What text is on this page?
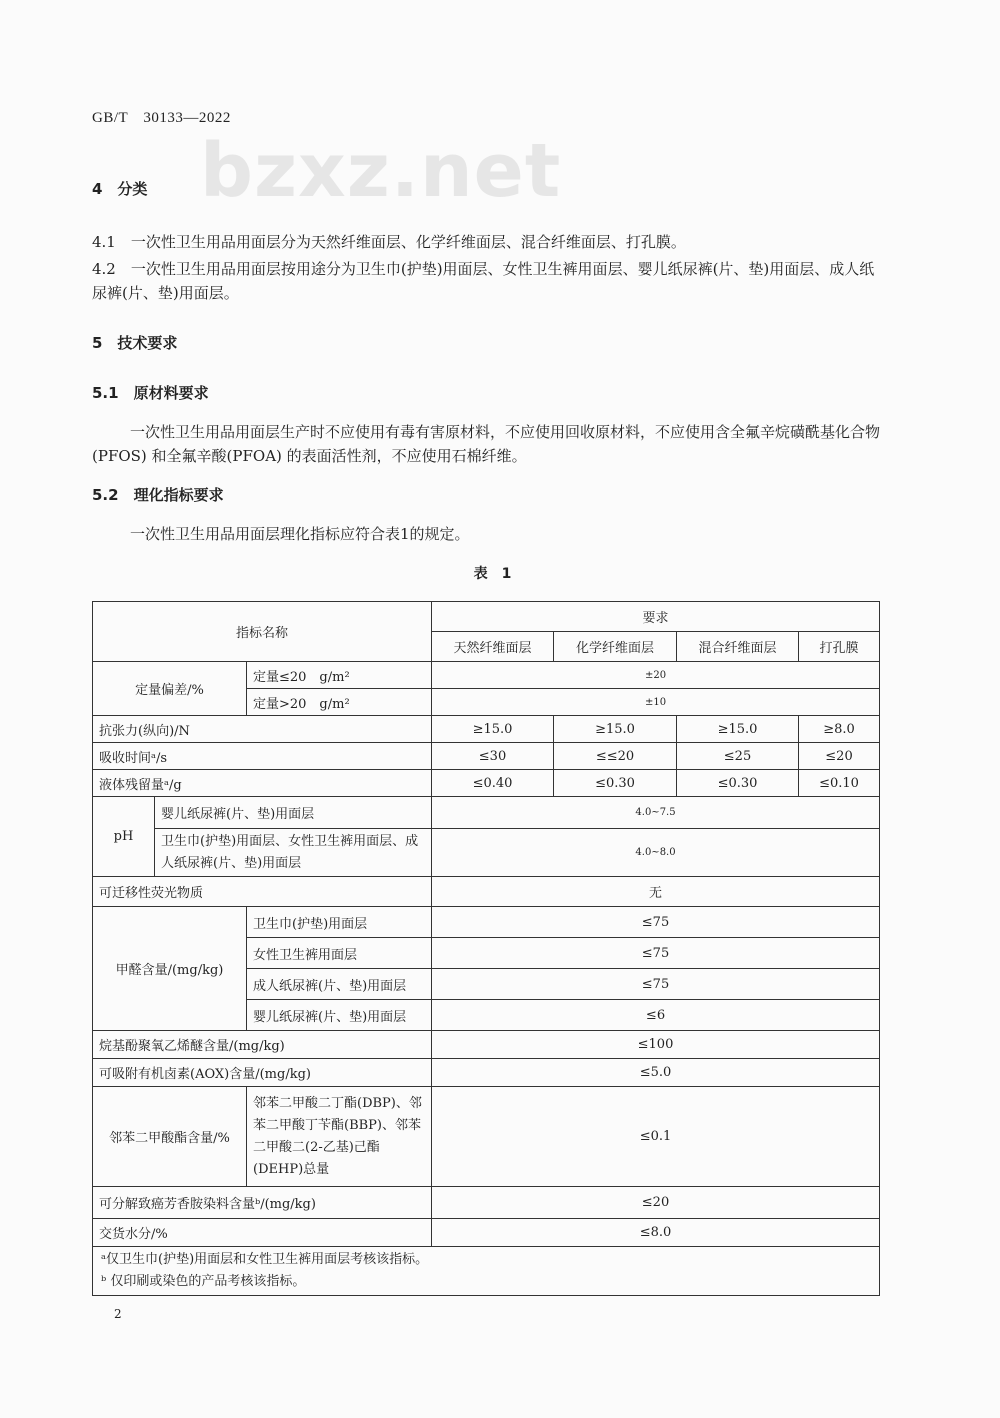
GB/T　30133—2022
bzxz.net
4　分类
4.1　一次性卫生用品用面层分为天然纤维面层、化学纤维面层、混合纤维面层、打孔膜。
4.2　一次性卫生用品用面层按用途分为卫生巾(护垫)用面层、女性卫生裤用面层、婴儿纸尿裤(片、垫)用面层、成人纸尿裤(片、垫)用面层。
5　技术要求
5.1　原材料要求
一次性卫生用品用面层生产时不应使用有毒有害原材料，不应使用回收原材料，不应使用含全氟辛烷磺酰基化合物(PFOS) 和全氟辛酸(PFOA) 的表面活性剂，不应使用石棉纤维。
5.2　理化指标要求
一次性卫生用品用面层理化指标应符合表1的规定。
表　1
指标名称			要求			
			天然纤维面层	化学纤维面层	混合纤维面层	打孔膜
定量偏差/%		定量≤20　g/m²	±20			
		定量>20　g/m²	±10			
抗张力(纵向)/N			≥15.0	≥15.0	≥15.0	≥8.0
吸收时间ᵃ/s			≤30	≤≤20	≤25	≤20
液体残留量ᵃ/g			≤0.40	≤0.30	≤0.30	≤0.10
pH	婴儿纸尿裤(片、垫)用面层		4.0~7.5			
	卫生巾(护垫)用面层、女性卫生裤用面层、成人纸尿裤(片、垫)用面层		4.0~8.0			
可迁移性荧光物质			无			
甲醛含量/(mg/kg)		卫生巾(护垫)用面层	≤75			
		女性卫生裤用面层	≤75			
		成人纸尿裤(片、垫)用面层	≤75			
		婴儿纸尿裤(片、垫)用面层	≤6			
烷基酚聚氧乙烯醚含量/(mg/kg)			≤100			
可吸附有机卤素(AOX)含量/(mg/kg)			≤5.0			
邻苯二甲酸酯含量/%		邻苯二甲酸二丁酯(DBP)、邻苯二甲酸丁苄酯(BBP)、邻苯二甲酸二(2-乙基)己酯(DEHP)总量	≤0.1			
可分解致癌芳香胺染料含量ᵇ/(mg/kg)			≤20			
交货水分/%			≤8.0			

ᵃ仅卫生巾(护垫)用面层和女性卫生裤用面层考核该指标。
ᵇ 仅印刷或染色的产品考核该指标。						
2
